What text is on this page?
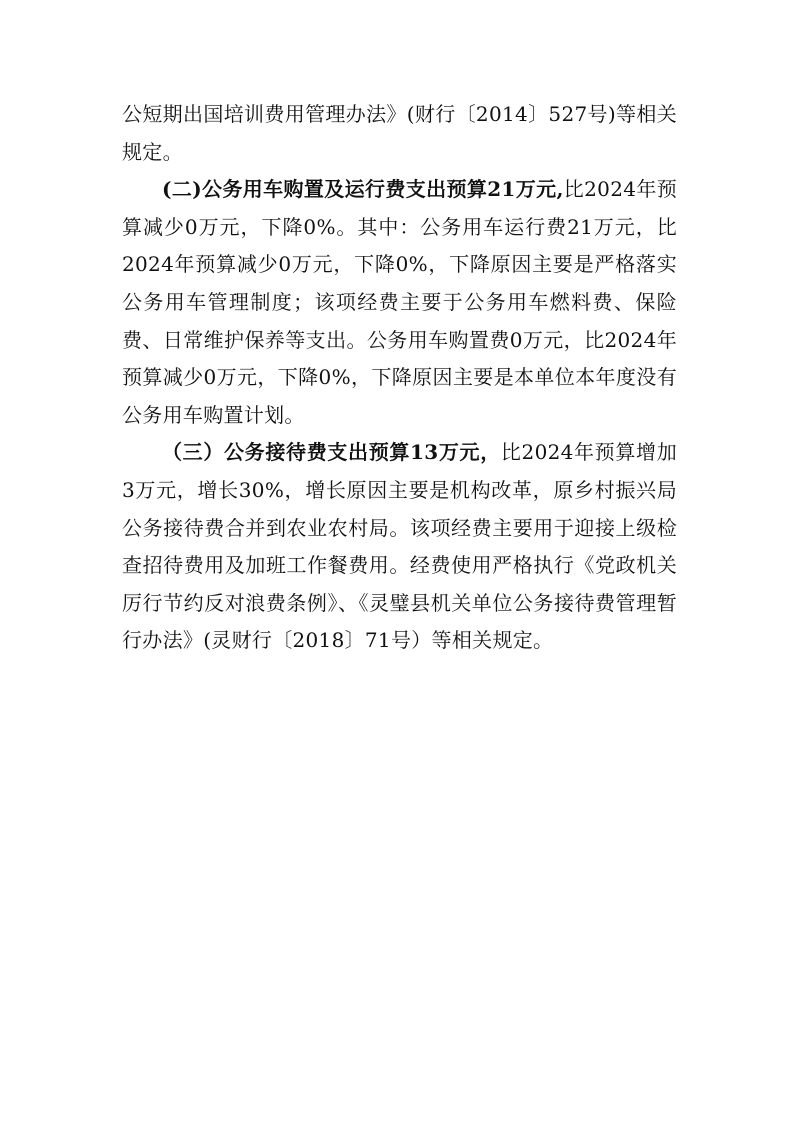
公短期出国培训费用管理办法》(财行〔2014〕527号)等相关规定。

(二)公务用车购置及运行费支出预算21万元,比2024年预算减少0万元，下降0%。其中：公务用车运行费21万元，比2024年预算减少0万元，下降0%，下降原因主要是严格落实公务用车管理制度；该项经费主要于公务用车燃料费、保险费、日常维护保养等支出。公务用车购置费0万元，比2024年预算减少0万元，下降0%，下降原因主要是本单位本年度没有公务用车购置计划。

（三）公务接待费支出预算13万元，比2024年预算增加3万元，增长30%，增长原因主要是机构改革，原乡村振兴局公务接待费合并到农业农村局。该项经费主要用于迎接上级检查招待费用及加班工作餐费用。经费使用严格执行《党政机关厉行节约反对浪费条例》、《灵璧县机关单位公务接待费管理暂行办法》(灵财行〔2018〕71号）等相关规定。
